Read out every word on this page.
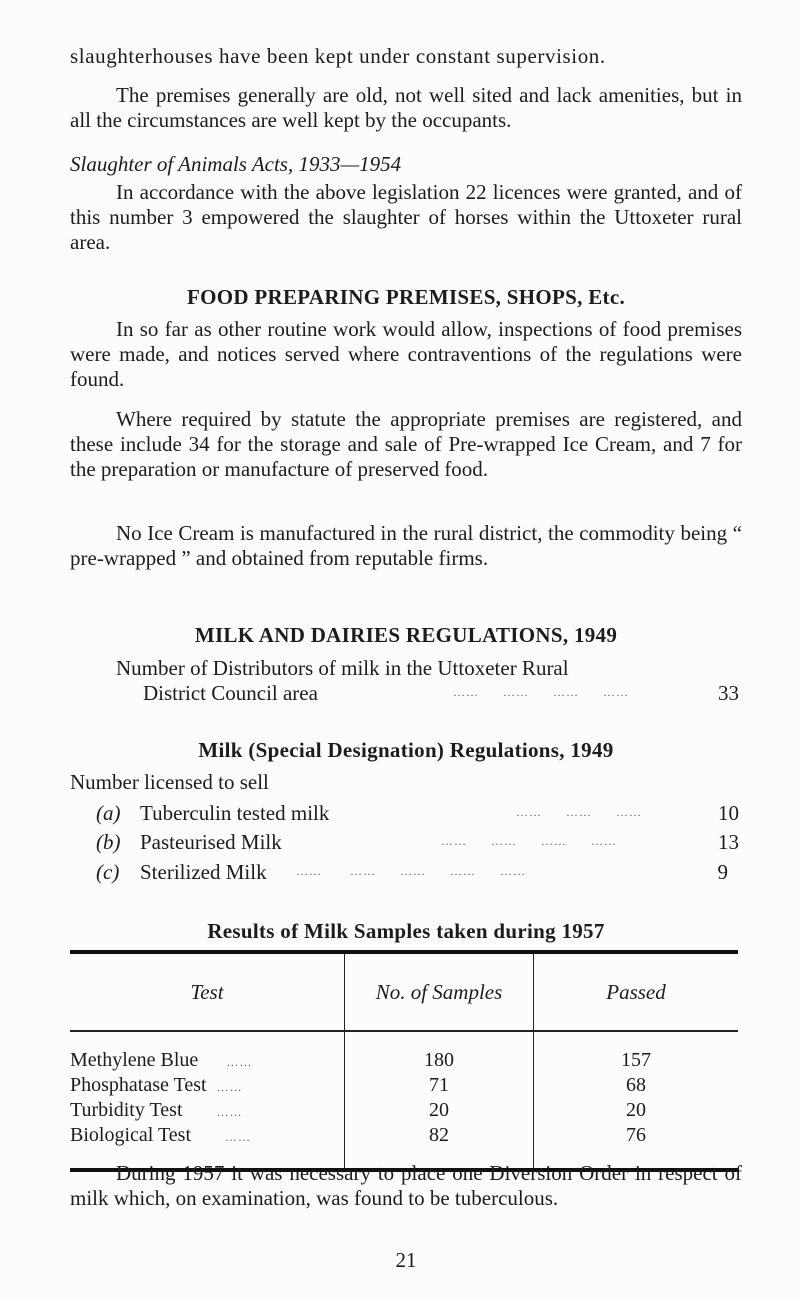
slaughterhouses have been kept under constant supervision.

The premises generally are old, not well sited and lack amenities, but in all the circumstances are well kept by the occupants.

Slaughter of Animals Acts, 1933—1954

In accordance with the above legislation 22 licences were granted, and of this number 3 empowered the slaughter of horses within the Uttoxeter rural area.

FOOD PREPARING PREMISES, SHOPS, Etc.

In so far as other routine work would allow, inspections of food premises were made, and notices served where contraventions of the regulations were found.

Where required by statute the appropriate premises are registered, and these include 34 for the storage and sale of Pre-wrapped Ice Cream, and 7 for the preparation or manufacture of preserved food.

No Ice Cream is manufactured in the rural district, the commodity being “ pre-wrapped ” and obtained from reputable firms.

MILK AND DAIRIES REGULATIONS, 1949
Number of Distributors of milk in the Uttoxeter Rural
District Council area	……      ……      ……      ……	33
Milk (Special Designation) Regulations, 1949
Number licensed to sell
(a) Tuberculin tested milk	……      ……      ……	10
(b) Pasteurised Milk	……      ……      ……      ……	13
(c) Sterilized Milk ……       ……      ……      ……      ……	9
Results of Milk Samples taken during 1957
Test	No. of Samples	Passed
Methylene Blue ……	180	157
Phosphatase Test ……	71	68
Turbidity Test ……	20	20
Biological Test ……	82	76

During 1957 it was necessary to place one Diversion Order in respect of milk which, on examination, was found to be tuberculous.

21
